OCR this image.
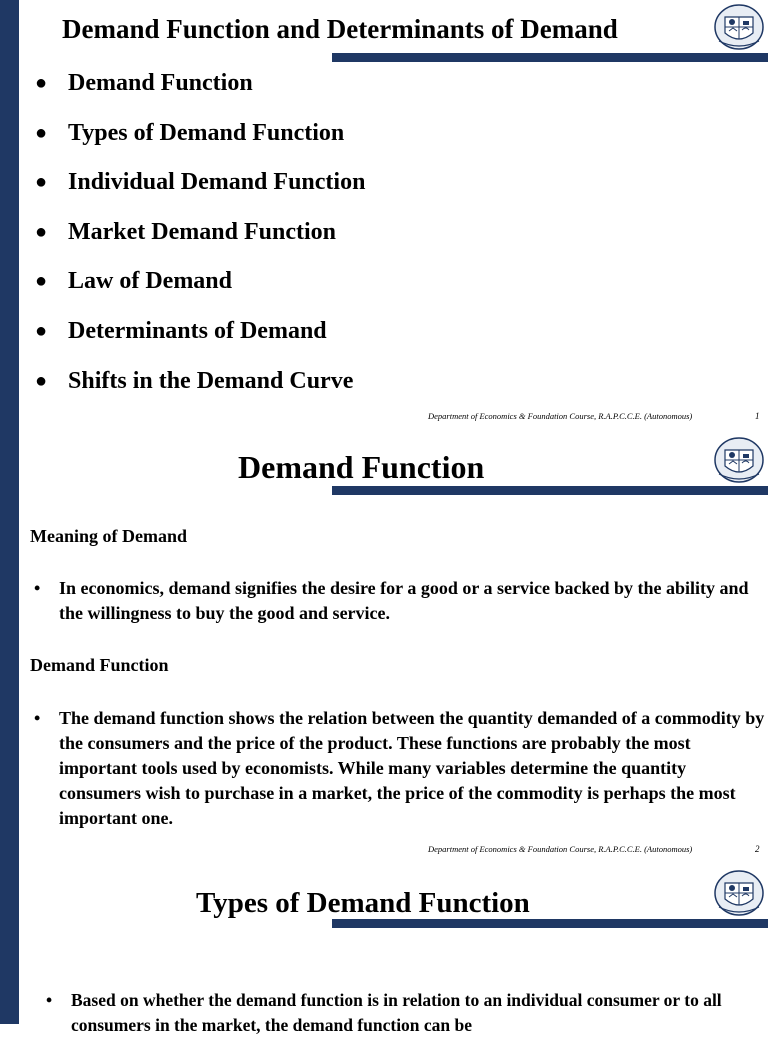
Demand Function and Determinants of Demand
● Demand Function
● Types of Demand Function
● Individual Demand Function
● Market Demand Function
● Law of Demand
● Determinants of Demand
● Shifts in the Demand Curve
Department of Economics & Foundation Course, R.A.P.C.C.E. (Autonomous)	1
Demand Function
Meaning of Demand
• In economics, demand signifies the desire for a good or a service backed by the ability and the willingness to buy the good and service.
Demand Function
• The demand function shows the relation between the quantity demanded of a commodity by the consumers and the price of the product. These functions are probably the most important tools used by economists. While many variables determine the quantity consumers wish to purchase in a market, the price of the commodity is perhaps the most important one.
Department of Economics & Foundation Course, R.A.P.C.C.E. (Autonomous)	2
Types of Demand Function
• Based on whether the demand function is in relation to an individual consumer or to all consumers in the market, the demand function can be
